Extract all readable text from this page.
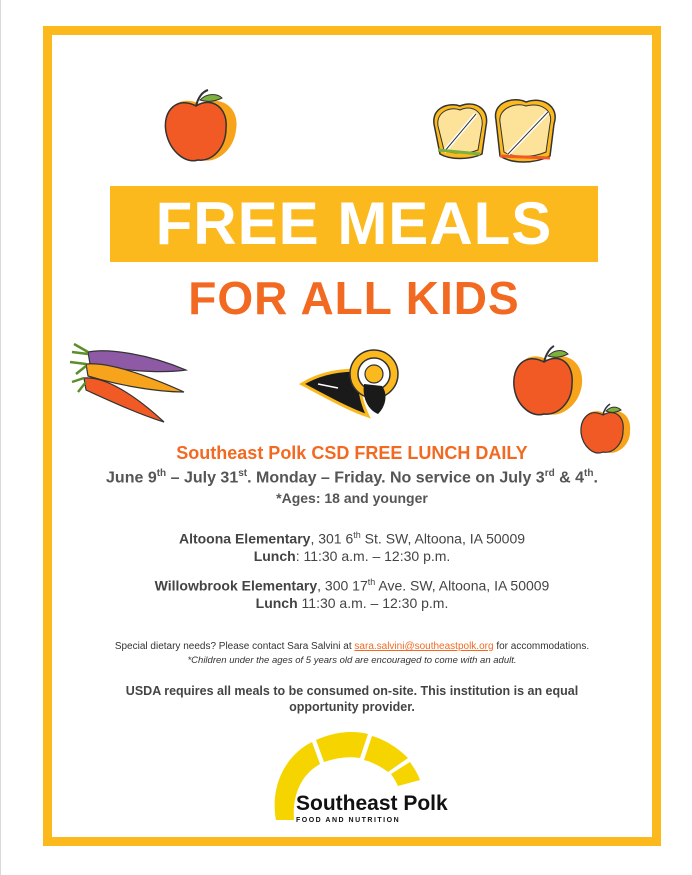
FREE MEALS
FOR ALL KIDS
Southeast Polk CSD FREE LUNCH DAILY
June 9th – July 31st. Monday – Friday. No service on July 3rd & 4th.
*Ages: 18 and younger
Altoona Elementary, 301 6th St. SW, Altoona, IA 50009
Lunch: 11:30 a.m. – 12:30 p.m.
Willowbrook Elementary, 300 17th Ave. SW, Altoona, IA 50009
Lunch 11:30 a.m. – 12:30 p.m.
Special dietary needs? Please contact Sara Salvini at sara.salvini@southeastpolk.org for accommodations.
*Children under the ages of 5 years old are encouraged to come with an adult.
USDA requires all meals to be consumed on-site. This institution is an equal
opportunity provider.
Southeast Polk
FOOD AND NUTRITION
